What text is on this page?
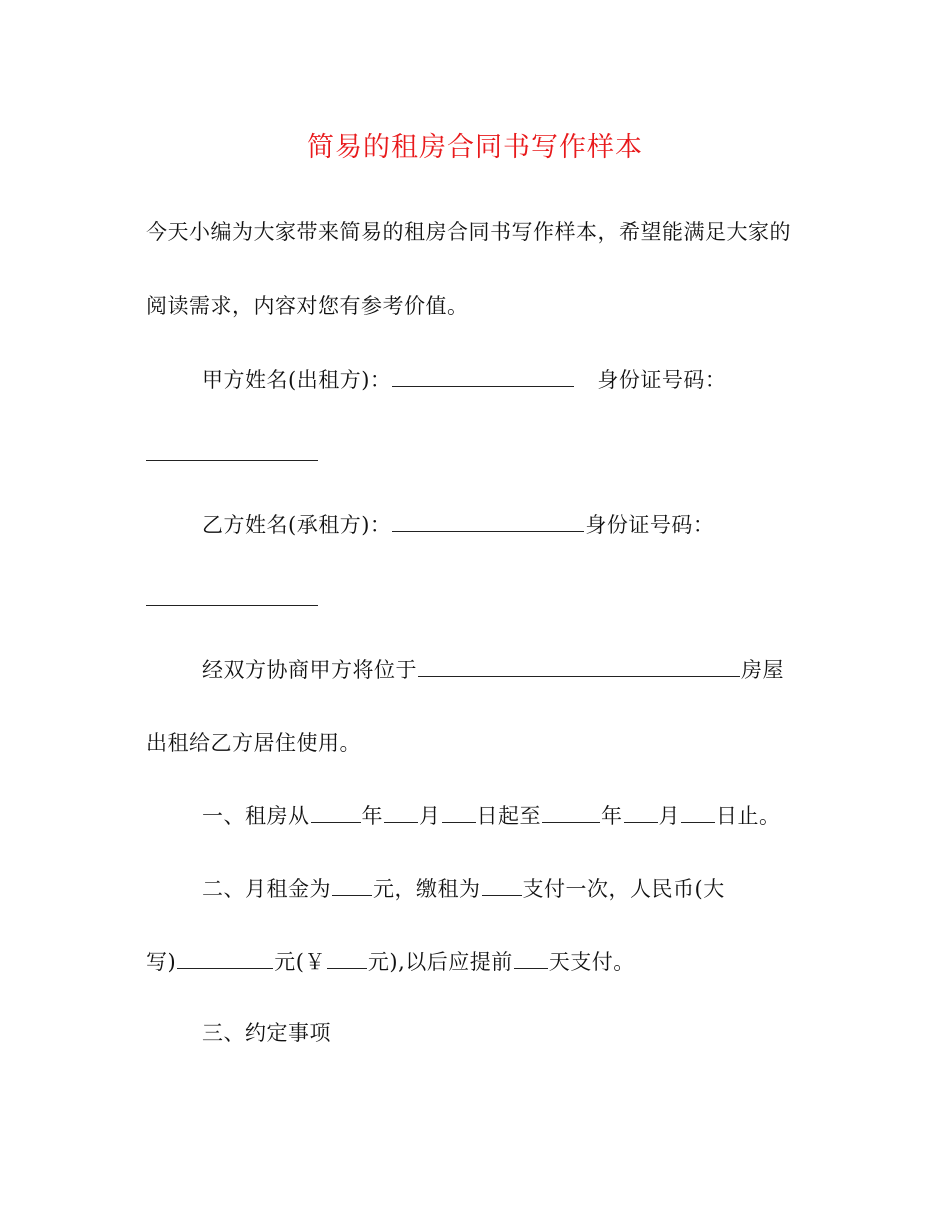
简易的租房合同书写作样本
今天小编为大家带来简易的租房合同书写作样本，希望能满足大家的
阅读需求，内容对您有参考价值。
甲方姓名(出租方)：	身份证号码：
乙方姓名(承租方)：	身份证号码：
经双方协商甲方将位于	房屋
出租给乙方居住使用。
一、租房从 年 月 日起至	年 月 日止。
二、月租金为 元，缴租为 支付一次，人民币(大
写)	元(￥ 元),以后应提前 天支付。
三、约定事项
